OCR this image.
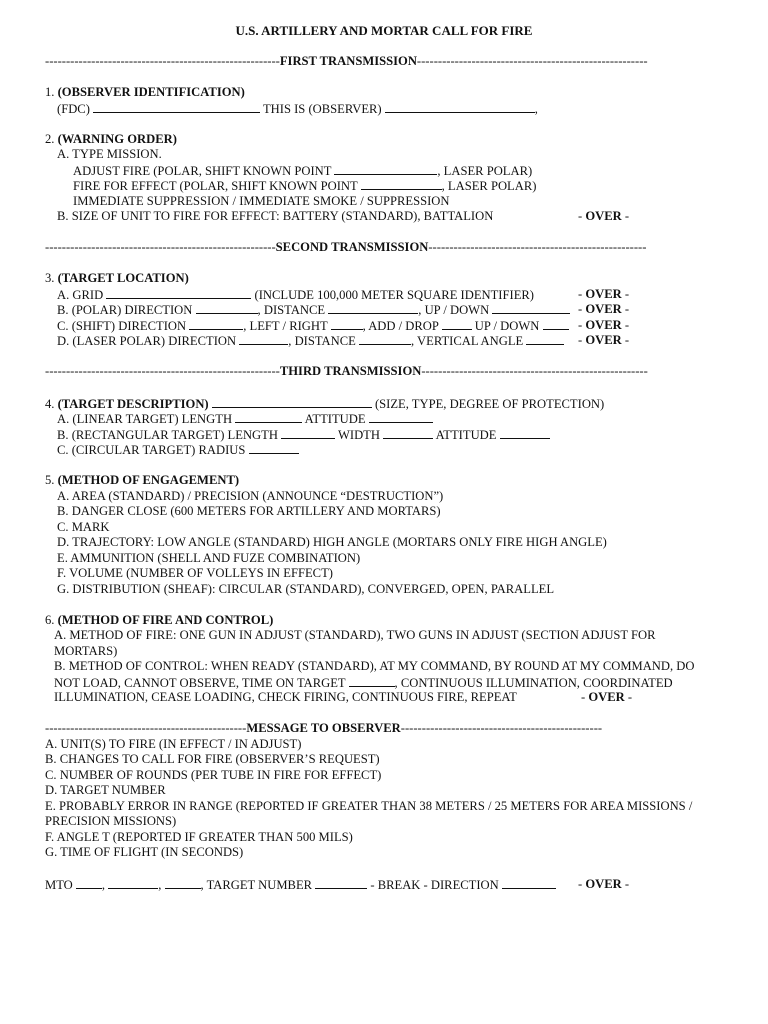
U.S. ARTILLERY AND MORTAR CALL FOR FIRE
--------------------------------------------------------FIRST TRANSMISSION-------------------------------------------------------
1. (OBSERVER IDENTIFICATION)
(FDC)	THIS IS (OBSERVER)	,
2. (WARNING ORDER)
A. TYPE MISSION.
ADJUST FIRE (POLAR, SHIFT KNOWN POINT	, LASER POLAR)
FIRE FOR EFFECT (POLAR, SHIFT KNOWN POINT	, LASER POLAR)
IMMEDIATE SUPPRESSION / IMMEDIATE SMOKE / SUPPRESSION
B. SIZE OF UNIT TO FIRE FOR EFFECT: BATTERY (STANDARD), BATTALION	- OVER -
-------------------------------------------------------SECOND TRANSMISSION----------------------------------------------------
3. (TARGET LOCATION)
A. GRID	(INCLUDE 100,000 METER SQUARE IDENTIFIER)	- OVER -
B. (POLAR) DIRECTION	, DISTANCE	, UP / DOWN	- OVER -
C. (SHIFT) DIRECTION	, LEFT / RIGHT	, ADD / DROP	UP / DOWN	- OVER -
D. (LASER POLAR) DIRECTION	, DISTANCE	, VERTICAL ANGLE	- OVER -
--------------------------------------------------------THIRD TRANSMISSION------------------------------------------------------
4. (TARGET DESCRIPTION)	(SIZE, TYPE, DEGREE OF PROTECTION)
A. (LINEAR TARGET) LENGTH	ATTITUDE
B. (RECTANGULAR TARGET) LENGTH	WIDTH	ATTITUDE
C. (CIRCULAR TARGET) RADIUS
5. (METHOD OF ENGAGEMENT)
A. AREA (STANDARD) / PRECISION (ANNOUNCE “DESTRUCTION”)
B. DANGER CLOSE (600 METERS FOR ARTILLERY AND MORTARS)
C. MARK
D. TRAJECTORY: LOW ANGLE (STANDARD) HIGH ANGLE (MORTARS ONLY FIRE HIGH ANGLE)
E. AMMUNITION (SHELL AND FUZE COMBINATION)
F. VOLUME (NUMBER OF VOLLEYS IN EFFECT)
G. DISTRIBUTION (SHEAF): CIRCULAR (STANDARD), CONVERGED, OPEN, PARALLEL
6. (METHOD OF FIRE AND CONTROL)
A. METHOD OF FIRE: ONE GUN IN ADJUST (STANDARD), TWO GUNS IN ADJUST (SECTION ADJUST FOR
MORTARS)
B. METHOD OF CONTROL: WHEN READY (STANDARD), AT MY COMMAND, BY ROUND AT MY COMMAND, DO
NOT LOAD, CANNOT OBSERVE, TIME ON TARGET	, CONTINUOUS ILLUMINATION, COORDINATED
ILLUMINATION, CEASE LOADING, CHECK FIRING, CONTINUOUS FIRE, REPEAT	- OVER -
------------------------------------------------MESSAGE TO OBSERVER------------------------------------------------
A. UNIT(S) TO FIRE (IN EFFECT / IN ADJUST)
B. CHANGES TO CALL FOR FIRE (OBSERVER’S REQUEST)
C. NUMBER OF ROUNDS (PER TUBE IN FIRE FOR EFFECT)
D. TARGET NUMBER
E. PROBABLY ERROR IN RANGE (REPORTED IF GREATER THAN 38 METERS / 25 METERS FOR AREA MISSIONS /
PRECISION MISSIONS)
F. ANGLE T (REPORTED IF GREATER THAN 500 MILS)
G. TIME OF FLIGHT (IN SECONDS)
MTO ,	,	, TARGET NUMBER	- BREAK - DIRECTION	- OVER -
